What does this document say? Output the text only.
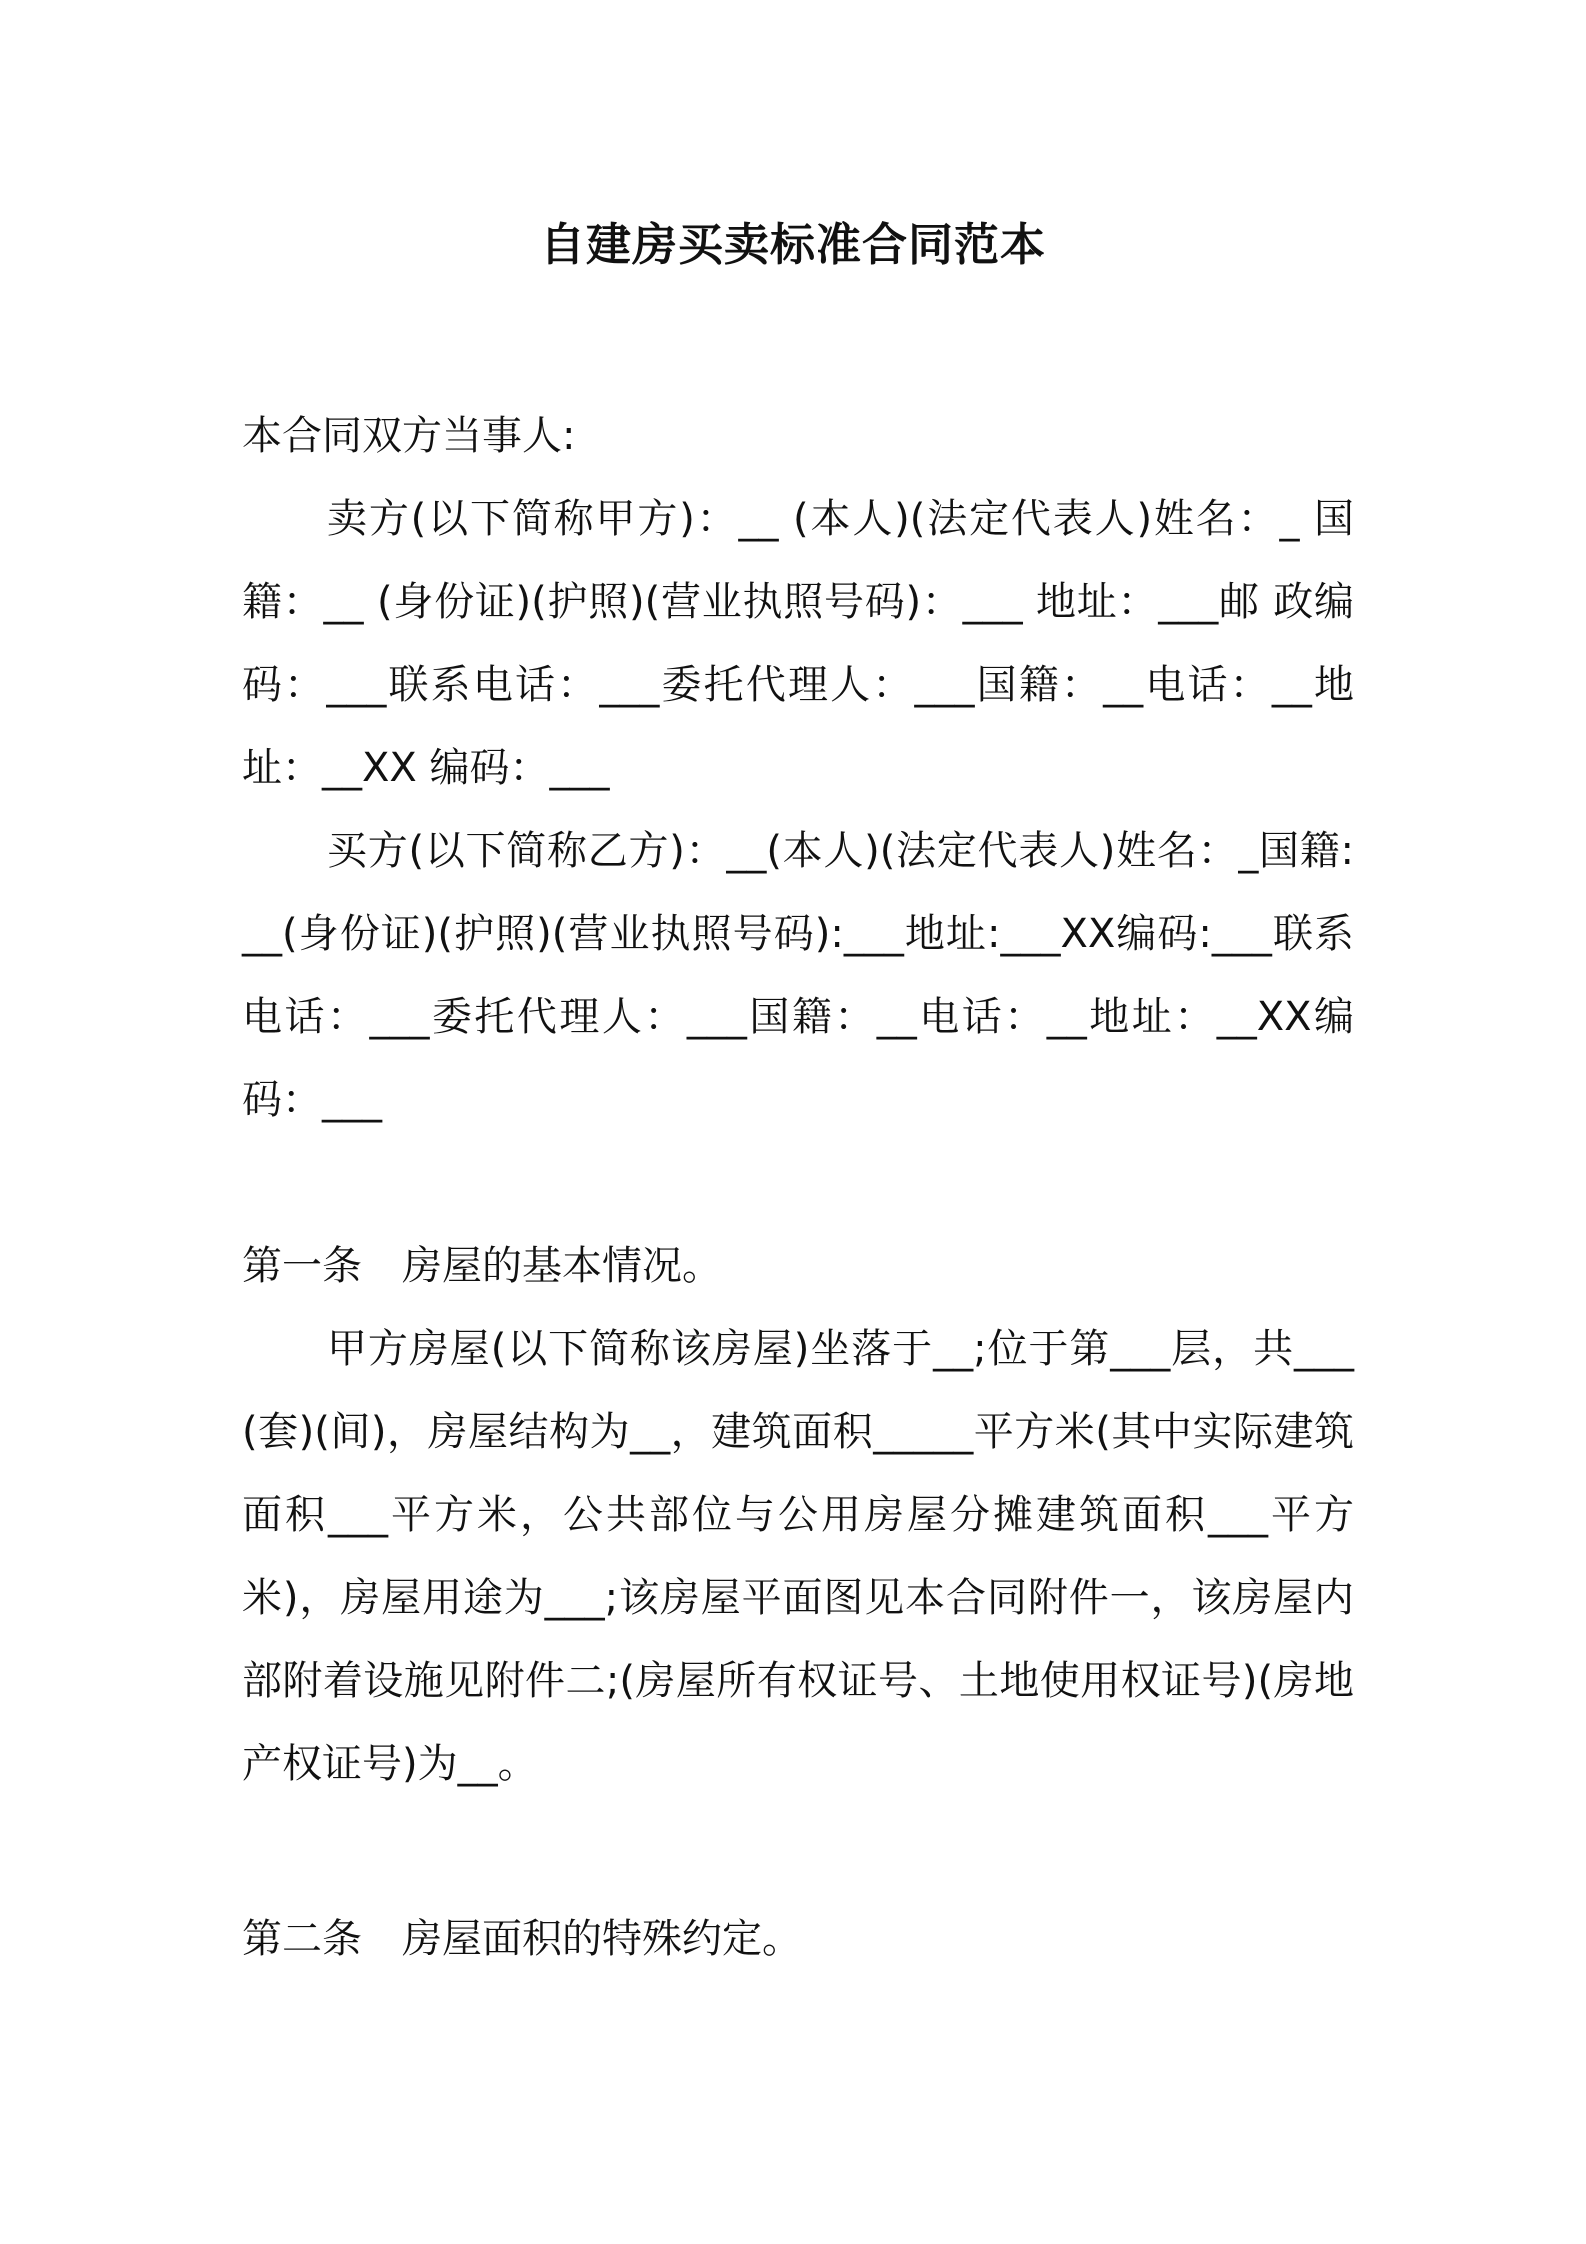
自建房买卖标准合同范本
本合同双方当事人:
卖方(以下简称甲方)：__ (本人)(法定代表人)姓名：_ 国籍：__ (身份证)(护照)(营业执照号码)：___ 地址：___邮 政编码：___联系电话：___委托代理人：___国籍：__电话：__地址：__XX 编码：___
买方(以下简称乙方)：__(本人)(法定代表人)姓名：_国籍:__(身份证)(护照)(营业执照号码):___地址:___XX编码:___联系电话：___委托代理人：___国籍：__电话：__地址：__XX编码：___
第一条　房屋的基本情况。
甲方房屋(以下简称该房屋)坐落于__;位于第___层，共___(套)(间)，房屋结构为__，建筑面积_____平方米(其中实际建筑面积___平方米，公共部位与公用房屋分摊建筑面积___平方米)，房屋用途为___;该房屋平面图见本合同附件一，该房屋内部附着设施见附件二;(房屋所有权证号、土地使用权证号)(房地产权证号)为__。
第二条　房屋面积的特殊约定。
